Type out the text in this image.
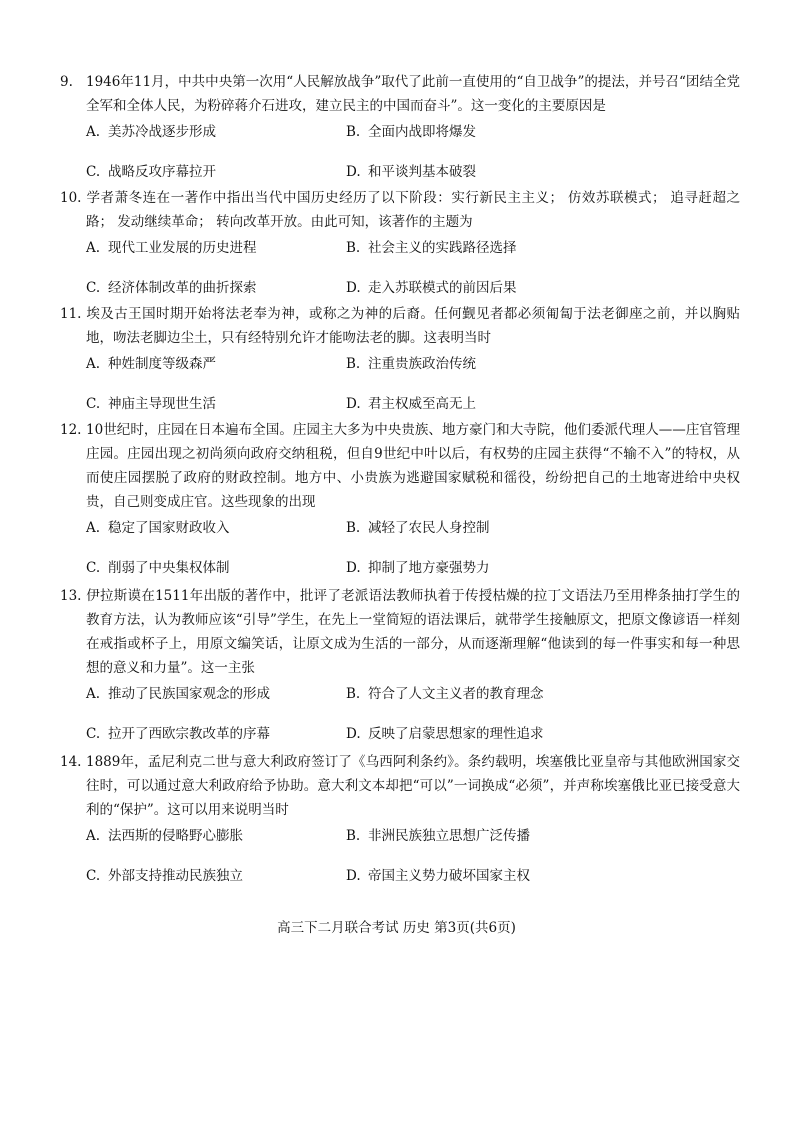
9. 1946年11月，中共中央第一次用“人民解放战争”取代了此前一直使用的“自卫战争”的提法，并号召“团结全党全军和全体人民，为粉碎蒋介石进攻，建立民主的中国而奋斗”。这一变化的主要原因是
A. 美苏冷战逐步形成	B. 全面内战即将爆发
C. 战略反攻序幕拉开	D. 和平谈判基本破裂
10. 学者萧冬连在一著作中指出当代中国历史经历了以下阶段：实行新民主主义； 仿效苏联模式； 追寻赶超之路； 发动继续革命； 转向改革开放。由此可知，该著作的主题为
A. 现代工业发展的历史进程	B. 社会主义的实践路径选择
C. 经济体制改革的曲折探索	D. 走入苏联模式的前因后果
11. 埃及古王国时期开始将法老奉为神，或称之为神的后裔。任何觐见者都必须匍匐于法老御座之前，并以胸贴地，吻法老脚边尘土，只有经特别允许才能吻法老的脚。这表明当时
A. 种姓制度等级森严	B. 注重贵族政治传统
C. 神庙主导现世生活	D. 君主权威至高无上
12. 10世纪时，庄园在日本遍布全国。庄园主大多为中央贵族、地方豪门和大寺院，他们委派代理人——庄官管理庄园。庄园出现之初尚须向政府交纳租税，但自9世纪中叶以后，有权势的庄园主获得“不输不入”的特权，从而使庄园摆脱了政府的财政控制。地方中、小贵族为逃避国家赋税和徭役，纷纷把自己的土地寄进给中央权贵，自己则变成庄官。这些现象的出现
A. 稳定了国家财政收入	B. 减轻了农民人身控制
C. 削弱了中央集权体制	D. 抑制了地方豪强势力
13. 伊拉斯谟在1511年出版的著作中，批评了老派语法教师执着于传授枯燥的拉丁文语法乃至用桦条抽打学生的教育方法，认为教师应该“引导”学生，在先上一堂简短的语法课后，就带学生接触原文，把原文像谚语一样刻在戒指或杯子上，用原文编笑话，让原文成为生活的一部分，从而逐渐理解“他读到的每一件事实和每一种思想的意义和力量”。这一主张
A. 推动了民族国家观念的形成	B. 符合了人文主义者的教育理念
C. 拉开了西欧宗教改革的序幕	D. 反映了启蒙思想家的理性追求
14. 1889年，孟尼利克二世与意大利政府签订了《乌西阿利条约》。条约载明，埃塞俄比亚皇帝与其他欧洲国家交往时，可以通过意大利政府给予协助。意大利文本却把“可以”一词换成“必须”，并声称埃塞俄比亚已接受意大利的“保护”。这可以用来说明当时
A. 法西斯的侵略野心膨胀	B. 非洲民族独立思想广泛传播
C. 外部支持推动民族独立	D. 帝国主义势力破坏国家主权
高三下二月联合考试 历史 第3页(共6页)
